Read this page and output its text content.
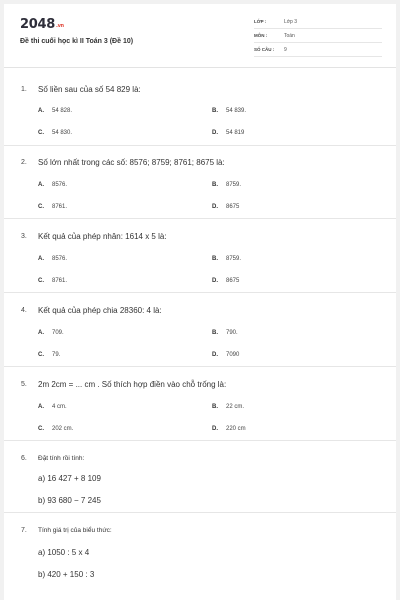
2048.vn
Đề thi cuối học kì II Toán 3 (Đề 10)
LỚP :	Lớp 3
MÔN :	Toán
SỐ CÂU : 9
1. Số liền sau của số 54 829 là:
A. 54 828.	B. 54 839.
C. 54 830.	D. 54 819
2. Số lớn nhất trong các số: 8576; 8759; 8761; 8675 là:
A. 8576.	B. 8759.
C. 8761.	D. 8675
3. Kết quả của phép nhân: 1614 x 5 là:
A. 8576.	B. 8759.
C. 8761.	D. 8675
4. Kết quả của phép chia 28360: 4 là:
A. 709.	B. 790.
C. 79.	D. 7090
5. 2m 2cm = ... cm . Số thích hợp điền vào chỗ trống là:
A. 4 cm.	B. 22 cm.
C. 202 cm.	D. 220 cm
6. Đặt tính rồi tính:
a) 16 427 + 8 109
b) 93 680 − 7 245
7. Tính giá trị của biểu thức:
a) 1050 : 5 x 4
b) 420 + 150 : 3
